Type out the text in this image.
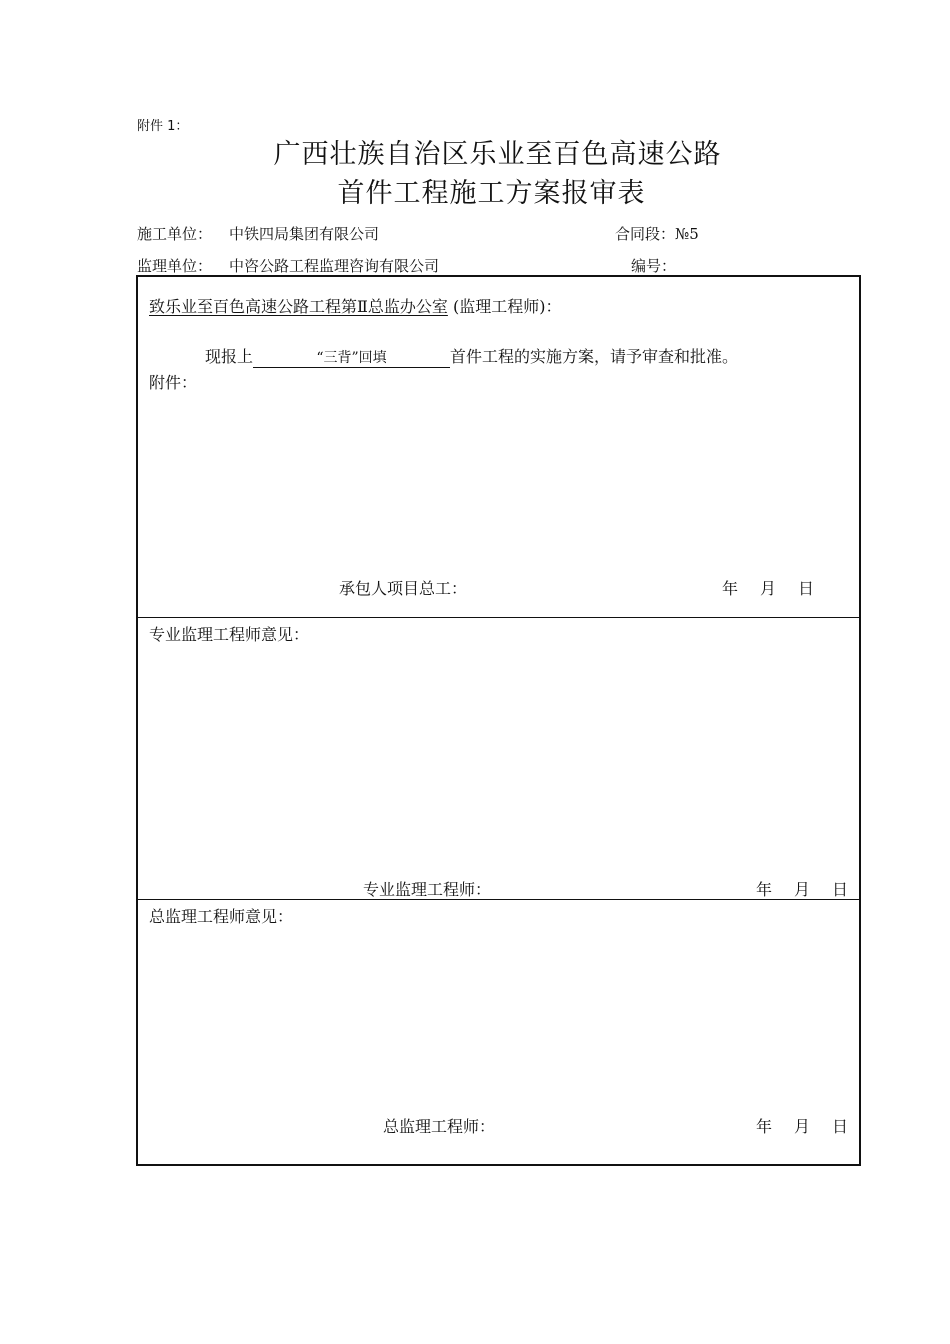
附件 1：
广西壮族自治区乐业至百色高速公路
首件工程施工方案报审表
施工单位： 中铁四局集团有限公司	合同段：№5
监理单位： 中咨公路工程监理咨询有限公司	编号：
致乐业至百色高速公路工程第Ⅱ总监办公室 (监理工程师)：
现报上	“三背”回填	首件工程的实施方案，请予审查和批准。
附件：
承包人项目总工：	年 月 日
专业监理工程师意见：
专业监理工程师：	年 月 日
总监理工程师意见：
总监理工程师：	年 月 日
